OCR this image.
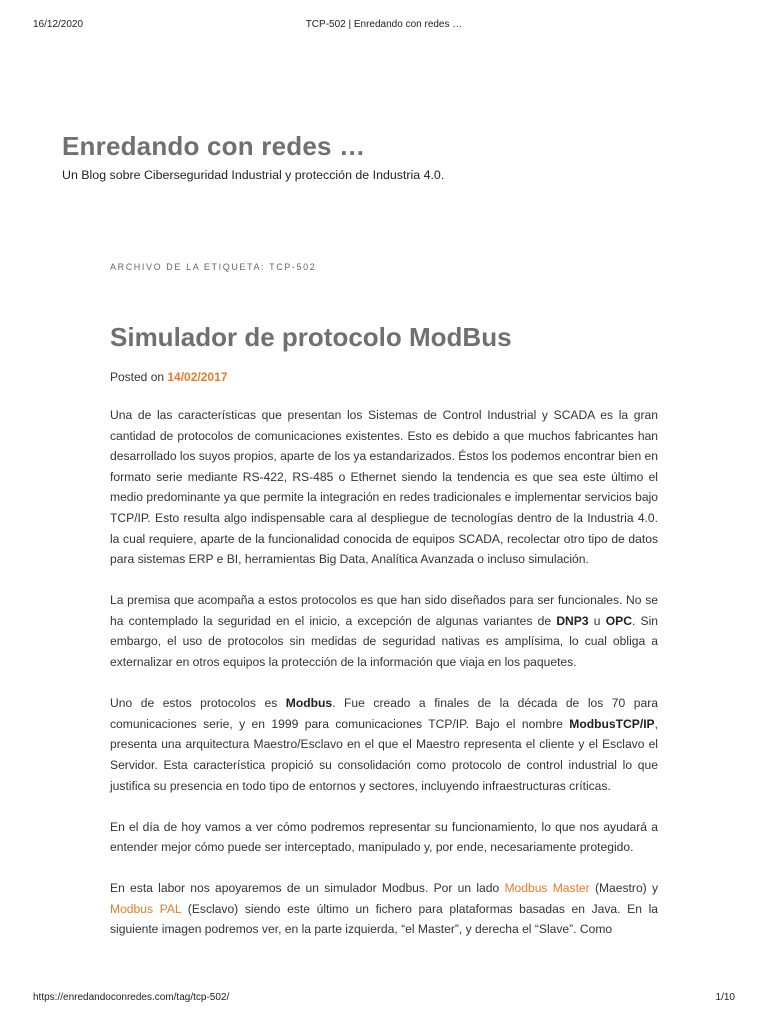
16/12/2020	TCP-502 | Enredando con redes …
Enredando con redes …
Un Blog sobre Ciberseguridad Industrial y protección de Industria 4.0.
ARCHIVO DE LA ETIQUETA: TCP-502
Simulador de protocolo ModBus
Posted on 14/02/2017

Una de las características que presentan los Sistemas de Control Industrial y SCADA es la gran cantidad de protocolos de comunicaciones existentes. Esto es debido a que muchos fabricantes han desarrollado los suyos propios, aparte de los ya estandarizados. Éstos los podemos encontrar bien en formato serie mediante RS-422, RS-485 o Ethernet siendo la tendencia es que sea este último el medio predominante ya que permite la integración en redes tradicionales e implementar servicios bajo TCP/IP. Esto resulta algo indispensable cara al despliegue de tecnologías dentro de la Industria 4.0. la cual requiere, aparte de la funcionalidad conocida de equipos SCADA, recolectar otro tipo de datos para sistemas ERP e BI, herramientas Big Data, Analítica Avanzada o incluso simulación.

La premisa que acompaña a estos protocolos es que han sido diseñados para ser funcionales. No se ha contemplado la seguridad en el inicio, a excepción de algunas variantes de DNP3 u OPC. Sin embargo, el uso de protocolos sin medidas de seguridad nativas es amplísima, lo cual obliga a externalizar en otros equipos la protección de la información que viaja en los paquetes.

Uno de estos protocolos es Modbus. Fue creado a finales de la década de los 70 para comunicaciones serie, y en 1999 para comunicaciones TCP/IP. Bajo el nombre ModbusTCP/IP, presenta una arquitectura Maestro/Esclavo en el que el Maestro representa el cliente y el Esclavo el Servidor. Esta característica propició su consolidación como protocolo de control industrial lo que justifica su presencia en todo tipo de entornos y sectores, incluyendo infraestructuras críticas.

En el día de hoy vamos a ver cómo podremos representar su funcionamiento, lo que nos ayudará a entender mejor cómo puede ser interceptado, manipulado y, por ende, necesariamente protegido.

En esta labor nos apoyaremos de un simulador Modbus. Por un lado Modbus Master (Maestro) y Modbus PAL (Esclavo) siendo este último un fichero para plataformas basadas en Java. En la siguiente imagen podremos ver, en la parte izquierda, “el Master”, y derecha el “Slave”. Como

https://enredandoconredes.com/tag/tcp-502/	1/10
